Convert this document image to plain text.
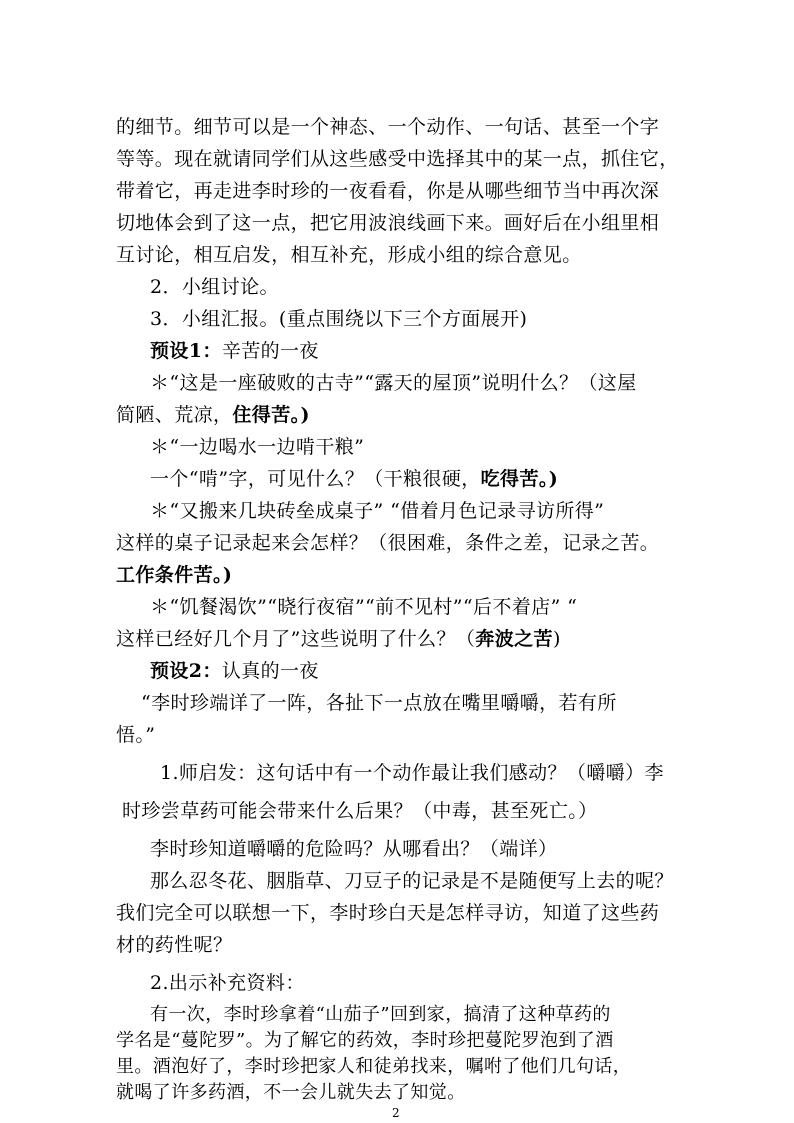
的细节。细节可以是一个神态、一个动作、一句话、甚至一个字
等等。现在就请同学们从这些感受中选择其中的某一点，抓住它，
带着它，再走进李时珍的一夜看看，你是从哪些细节当中再次深
切地体会到了这一点，把它用波浪线画下来。画好后在小组里相
互讨论，相互启发，相互补充，形成小组的综合意见。
2．小组讨论。
3．小组汇报。(重点围绕以下三个方面展开)
预设1：辛苦的一夜
＊“这是一座破败的古寺”“露天的屋顶”说明什么？（这屋
简陋、荒凉，住得苦。)
＊“一边喝水一边啃干粮”
一个“啃”字，可见什么？（干粮很硬，吃得苦。)
＊“又搬来几块砖垒成桌子” “借着月色记录寻访所得”
这样的桌子记录起来会怎样？（很困难，条件之差，记录之苦。
工作条件苦。)
＊“饥餐渴饮”“晓行夜宿”“前不见村”“后不着店” “
这样已经好几个月了”这些说明了什么？（奔波之苦)
预设2：认真的一夜
“李时珍端详了一阵，各扯下一点放在嘴里嚼嚼，若有所
悟。”
1.师启发：这句话中有一个动作最让我们感动？（嚼嚼）李
时珍尝草药可能会带来什么后果？（中毒，甚至死亡。）
李时珍知道嚼嚼的危险吗？从哪看出？（端详）
那么忍冬花、胭脂草、刀豆子的记录是不是随便写上去的呢？
我们完全可以联想一下，李时珍白天是怎样寻访，知道了这些药
材的药性呢？
2.出示补充资料：
有一次，李时珍拿着“山茄子”回到家，搞清了这种草药的
学名是“蔓陀罗”。为了解它的药效，李时珍把蔓陀罗泡到了酒
里。酒泡好了，李时珍把家人和徒弟找来，嘱咐了他们几句话，
就喝了许多药酒，不一会儿就失去了知觉。
2
